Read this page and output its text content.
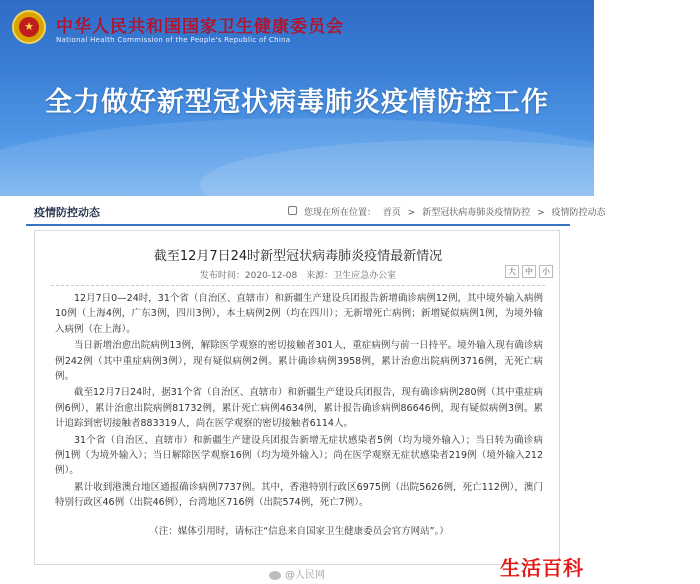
★ 中华人民共和国国家卫生健康委员会
National Health Commission of the People's Republic of China
全力做好新型冠状病毒肺炎疫情防控工作
疫情防控动态	您现在所在位置： 首页 > 新型冠状病毒肺炎疫情防控 > 疫情防控动态
截至12月7日24时新型冠状病毒肺炎疫情最新情况
发布时间：2020-12-08 来源：卫生应急办公室	大	中	小

12月7日0—24时，31个省（自治区、直辖市）和新疆生产建设兵团报告新增确诊病例12例，其中境外输入病例10例（上海4例，广东3例，四川3例），本土病例2例（均在四川）；无新增死亡病例；新增疑似病例1例，为境外输入病例（在上海）。

当日新增治愈出院病例13例，解除医学观察的密切接触者301人，重症病例与前一日持平。境外输入现有确诊病例242例（其中重症病例3例），现有疑似病例2例。累计确诊病例3958例，累计治愈出院病例3716例，无死亡病例。

截至12月7日24时，据31个省（自治区、直辖市）和新疆生产建设兵团报告，现有确诊病例280例（其中重症病例6例），累计治愈出院病例81732例，累计死亡病例4634例，累计报告确诊病例86646例，现有疑似病例3例。累计追踪到密切接触者883319人，尚在医学观察的密切接触者6114人。

31个省（自治区、直辖市）和新疆生产建设兵团报告新增无症状感染者5例（均为境外输入）；当日转为确诊病例1例（为境外输入）；当日解除医学观察16例（均为境外输入）；尚在医学观察无症状感染者219例（境外输入212例）。

累计收到港澳台地区通报确诊病例7737例。其中，香港特别行政区6975例（出院5626例，死亡112例），澳门特别行政区46例（出院46例），台湾地区716例（出院574例，死亡7例）。

（注：媒体引用时，请标注“信息来自国家卫生健康委员会官方网站”。）

@人民网	生活百科
